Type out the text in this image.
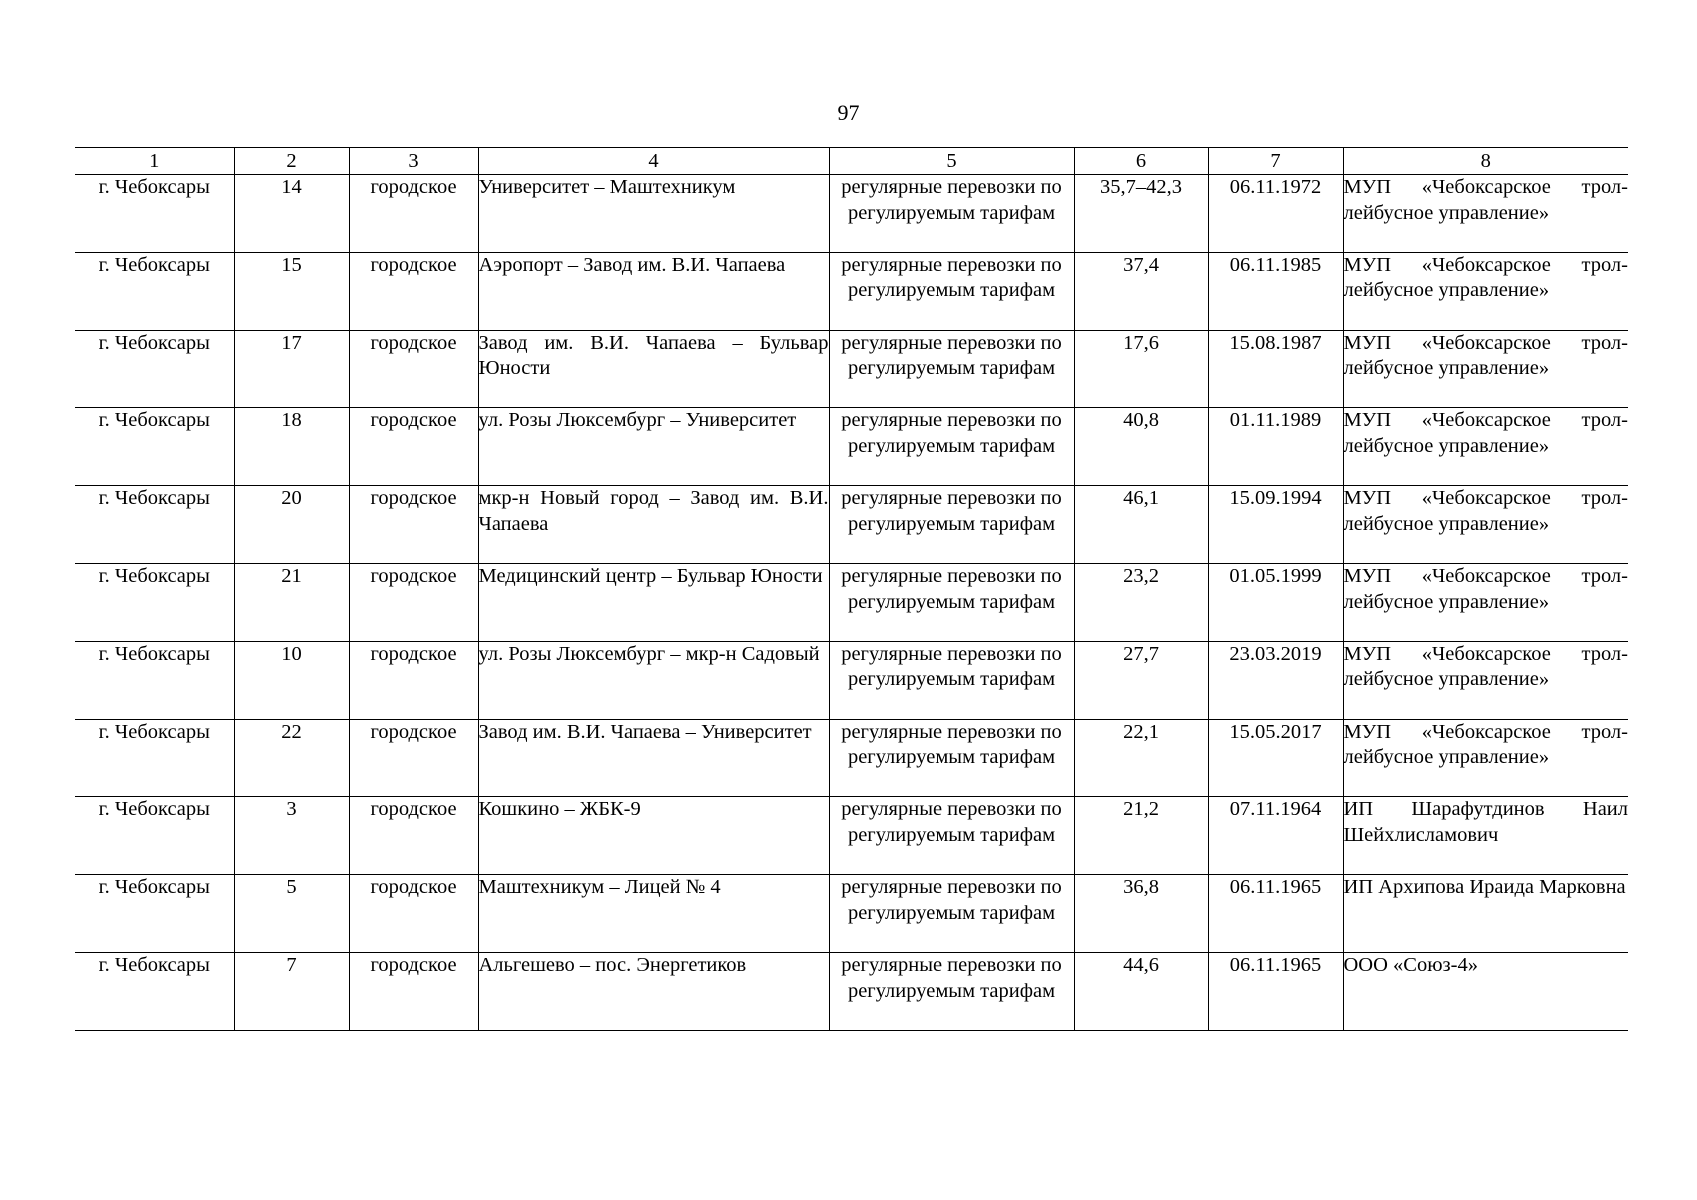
97
1	2	3	4	5	6	7	8
г. Чебоксары	14	городское	Университет – Маштехникум	регулярные перевозки по регулируемым тарифам	35,7–42,3	06.11.1972	МУП «Чебоксарское троллейбусное управление»
г. Чебоксары	15	городское	Аэропорт – Завод им. В.И. Чапаева	регулярные перевозки по регулируемым тарифам	37,4	06.11.1985	МУП «Чебоксарское троллейбусное управление»
г. Чебоксары	17	городское	Завод им. В.И. Чапаева – Бульвар Юности	регулярные перевозки по регулируемым тарифам	17,6	15.08.1987	МУП «Чебоксарское троллейбусное управление»
г. Чебоксары	18	городское	ул. Розы Люксембург – Университет	регулярные перевозки по регулируемым тарифам	40,8	01.11.1989	МУП «Чебоксарское троллейбусное управление»
г. Чебоксары	20	городское	мкр-н Новый город – Завод им. В.И. Чапаева	регулярные перевозки по регулируемым тарифам	46,1	15.09.1994	МУП «Чебоксарское троллейбусное управление»
г. Чебоксары	21	городское	Медицинский центр – Бульвар Юности	регулярные перевозки по регулируемым тарифам	23,2	01.05.1999	МУП «Чебоксарское троллейбусное управление»
г. Чебоксары	10	городское	ул. Розы Люксембург – мкр-н Садовый	регулярные перевозки по регулируемым тарифам	27,7	23.03.2019	МУП «Чебоксарское троллейбусное управление»
г. Чебоксары	22	городское	Завод им. В.И. Чапаева – Университет	регулярные перевозки по регулируемым тарифам	22,1	15.05.2017	МУП «Чебоксарское троллейбусное управление»
г. Чебоксары	3	городское	Кошкино – ЖБК-9	регулярные перевозки по регулируемым тарифам	21,2	07.11.1964	ИП Шарафутдинов Наил Шейхлисламович
г. Чебоксары	5	городское	Маштехникум – Лицей № 4	регулярные перевозки по регулируемым тарифам	36,8	06.11.1965	ИП Архипова Ираида Марковна
г. Чебоксары	7	городское	Альгешево – пос. Энергетиков	регулярные перевозки по регулируемым тарифам	44,6	06.11.1965	ООО «Союз-4»
